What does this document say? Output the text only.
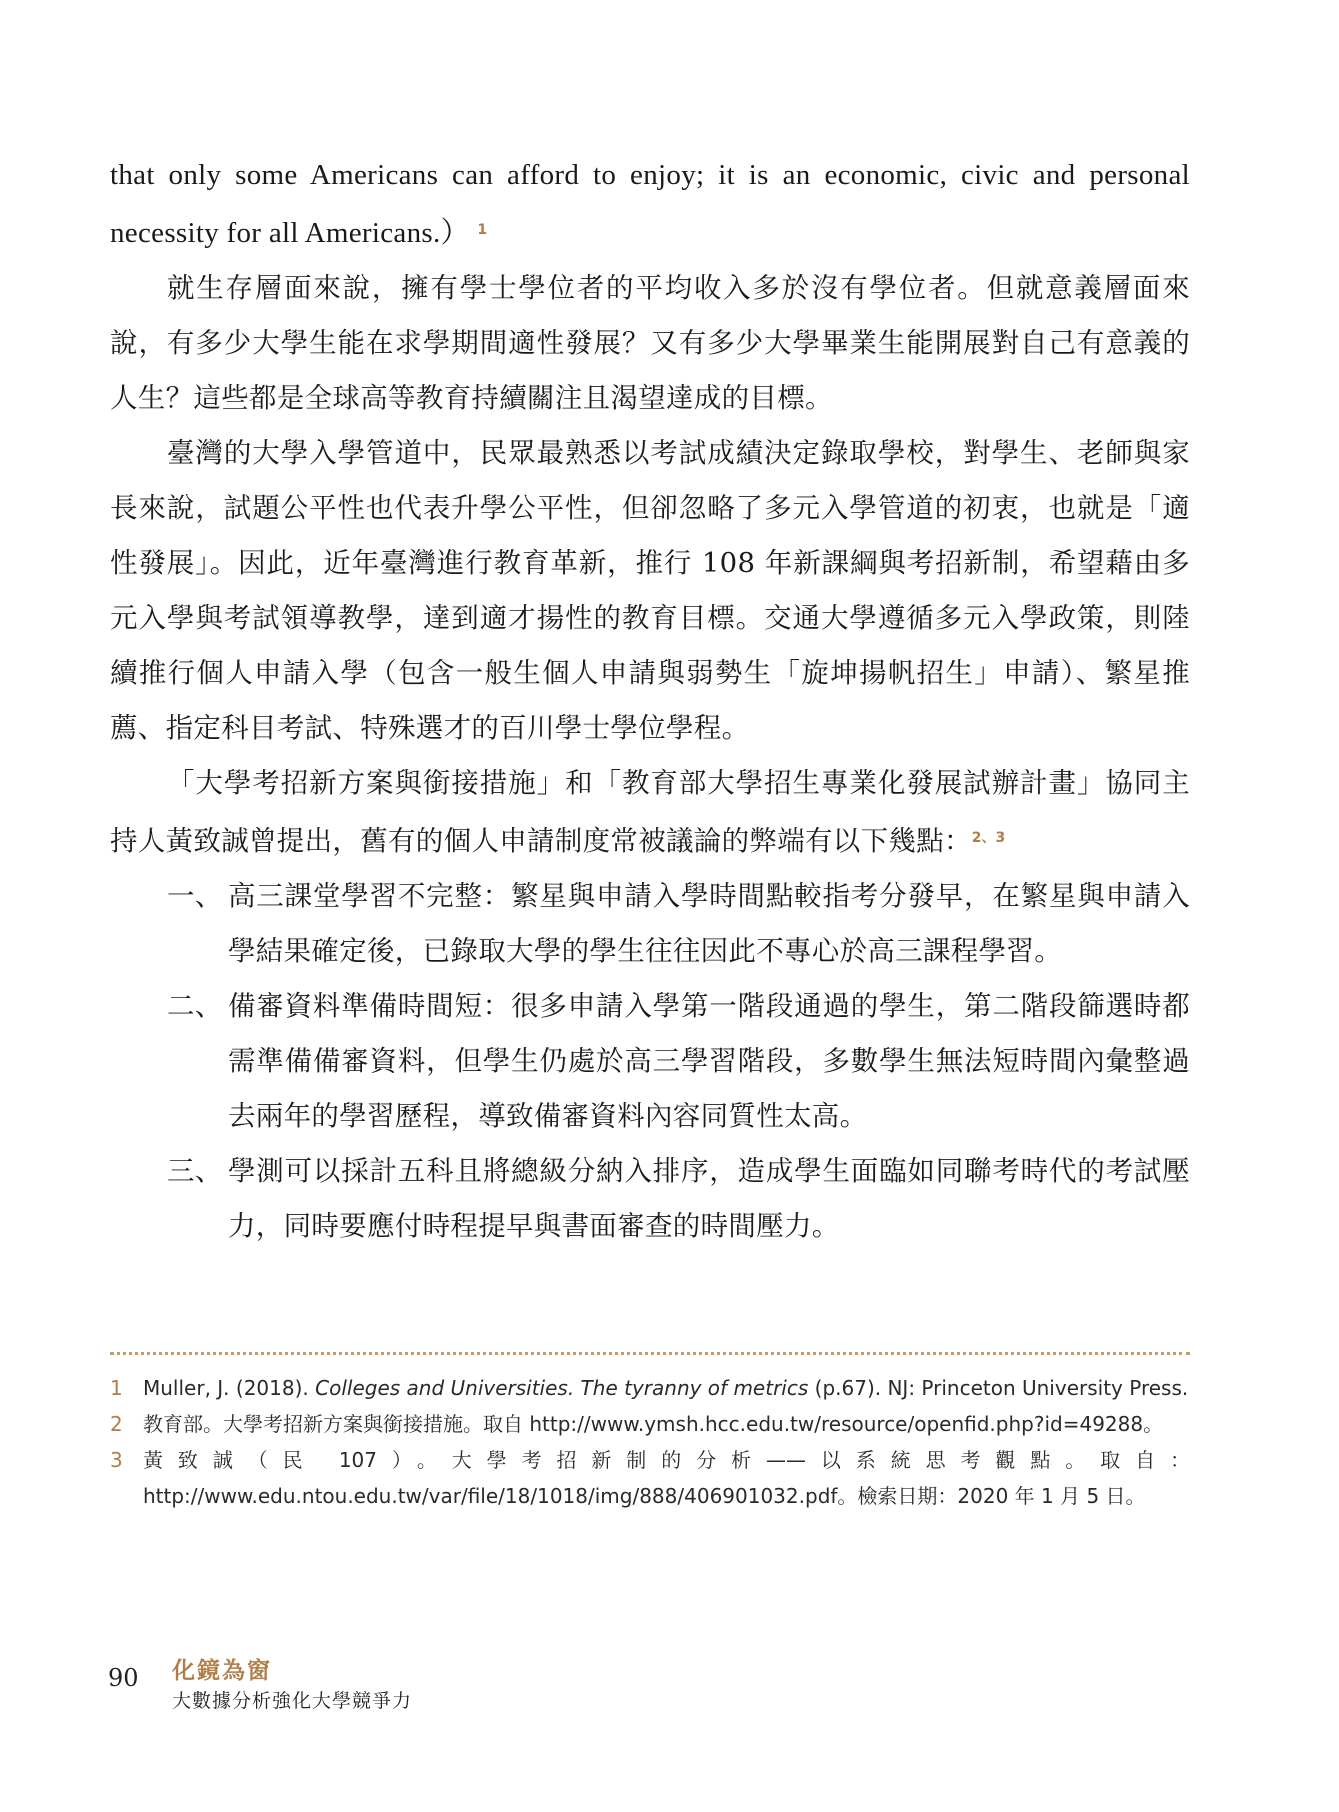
that only some Americans can afford to enjoy; it is an economic, civic and personal necessity for all Americans.） $^1$

就生存層面來說，擁有學士學位者的平均收入多於沒有學位者。但就意義層面來說，有多少大學生能在求學期間適性發展？又有多少大學畢業生能開展對自己有意義的人生？這些都是全球高等教育持續關注且渴望達成的目標。

臺灣的大學入學管道中，民眾最熟悉以考試成績決定錄取學校，對學生、老師與家長來說，試題公平性也代表升學公平性，但卻忽略了多元入學管道的初衷，也就是「適性發展」。因此，近年臺灣進行教育革新，推行 108 年新課綱與考招新制，希望藉由多元入學與考試領導教學，達到適才揚性的教育目標。交通大學遵循多元入學政策，則陸續推行個人申請入學（包含一般生個人申請與弱勢生「旋坤揚帆招生」申請）、繁星推薦、指定科目考試、特殊選才的百川學士學位學程。

「大學考招新方案與銜接措施」和「教育部大學招生專業化發展試辦計畫」協同主持人黃致誠曾提出，舊有的個人申請制度常被議論的弊端有以下幾點：$^{2、3}$

一、 高三課堂學習不完整：繁星與申請入學時間點較指考分發早，在繁星與申請入學結果確定後，已錄取大學的學生往往因此不專心於高三課程學習。
二、 備審資料準備時間短：很多申請入學第一階段通過的學生，第二階段篩選時都需準備備審資料，但學生仍處於高三學習階段，多數學生無法短時間內彙整過去兩年的學習歷程，導致備審資料內容同質性太高。
三、 學測可以採計五科且將總級分納入排序，造成學生面臨如同聯考時代的考試壓力，同時要應付時程提早與書面審查的時間壓力。
1 Muller, J. (2018). Colleges and Universities. The tyranny of metrics (p.67). NJ: Princeton University Press.
2 教育部。大學考招新方案與銜接措施。取自 http://www.ymsh.hcc.edu.tw/resource/openfid.php?id=49288。
3 黃致誠（民 107）。大學考招新制的分析——以系統思考觀點。取自：http://www.edu.ntou.edu.tw/var/file/18/1018/img/888/406901032.pdf。檢索日期：2020 年 1 月 5 日。
90 化鏡為窗
大數據分析強化大學競爭力
